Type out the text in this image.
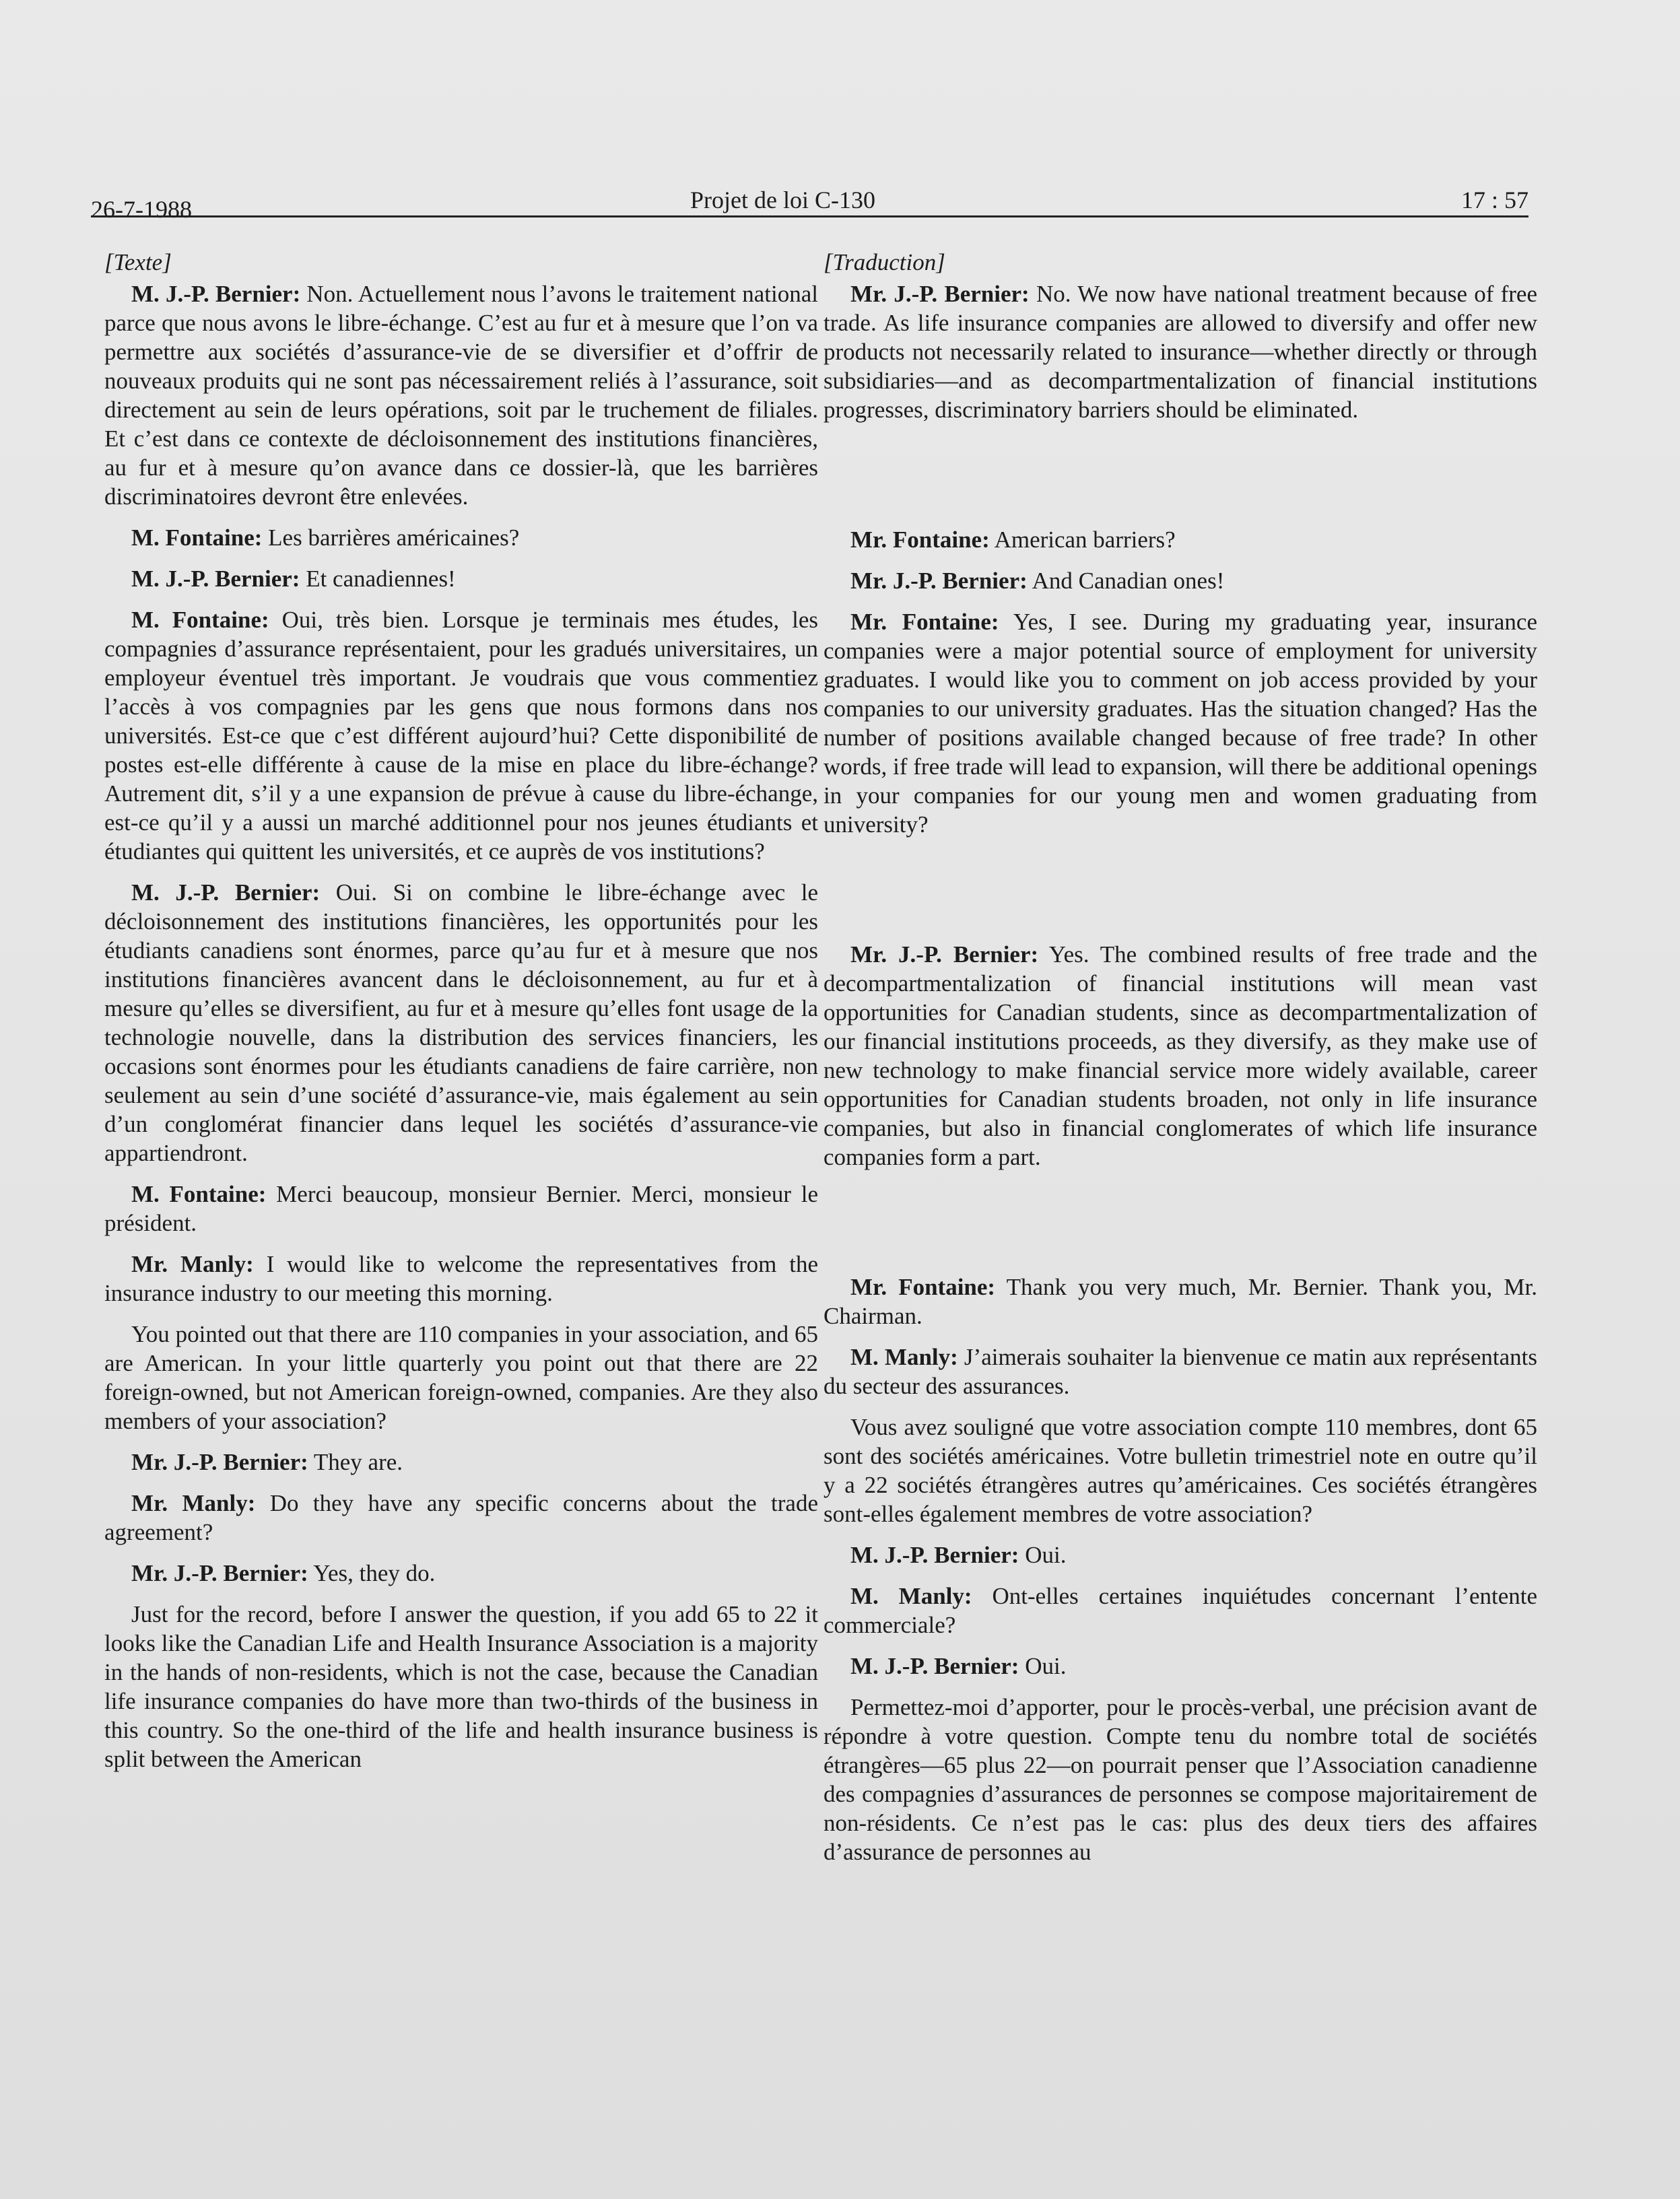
26-7-1988	Projet de loi C-130	17 : 57

[Texte]

M. J.-P. Bernier: Non. Actuellement nous l’avons le traitement national parce que nous avons le libre-échange. C’est au fur et à mesure que l’on va permettre aux sociétés d’assurance-vie de se diversifier et d’offrir de nouveaux produits qui ne sont pas nécessairement reliés à l’assurance, soit directement au sein de leurs opérations, soit par le truchement de filiales. Et c’est dans ce contexte de décloisonnement des institutions financières, au fur et à mesure qu’on avance dans ce dossier-là, que les barrières discriminatoires devront être enlevées.

M. Fontaine: Les barrières américaines?

M. J.-P. Bernier: Et canadiennes!

M. Fontaine: Oui, très bien. Lorsque je terminais mes études, les compagnies d’assurance représentaient, pour les gradués universitaires, un employeur éventuel très important. Je voudrais que vous commentiez l’accès à vos compagnies par les gens que nous formons dans nos universités. Est-ce que c’est différent aujourd’hui? Cette disponibilité de postes est-elle différente à cause de la mise en place du libre-échange? Autrement dit, s’il y a une expansion de prévue à cause du libre-échange, est-ce qu’il y a aussi un marché additionnel pour nos jeunes étudiants et étudiantes qui quittent les universités, et ce auprès de vos institutions?

M. J.-P. Bernier: Oui. Si on combine le libre-échange avec le décloisonnement des institutions financières, les opportunités pour les étudiants canadiens sont énormes, parce qu’au fur et à mesure que nos institutions financières avancent dans le décloisonnement, au fur et à mesure qu’elles se diversifient, au fur et à mesure qu’elles font usage de la technologie nouvelle, dans la distribution des services financiers, les occasions sont énormes pour les étudiants canadiens de faire carrière, non seulement au sein d’une société d’assurance-vie, mais également au sein d’un conglomérat financier dans lequel les sociétés d’assurance-vie appartiendront.

M. Fontaine: Merci beaucoup, monsieur Bernier. Merci, monsieur le président.

Mr. Manly: I would like to welcome the representatives from the insurance industry to our meeting this morning.

You pointed out that there are 110 companies in your association, and 65 are American. In your little quarterly you point out that there are 22 foreign-owned, but not American foreign-owned, companies. Are they also members of your association?

Mr. J.-P. Bernier: They are.

Mr. Manly: Do they have any specific concerns about the trade agreement?

Mr. J.-P. Bernier: Yes, they do.

Just for the record, before I answer the question, if you add 65 to 22 it looks like the Canadian Life and Health Insurance Association is a majority in the hands of non-residents, which is not the case, because the Canadian life insurance companies do have more than two-thirds of the business in this country. So the one-third of the life and health insurance business is split between the American

[Traduction]

Mr. J.-P. Bernier: No. We now have national treatment because of free trade. As life insurance companies are allowed to diversify and offer new products not necessarily related to insurance—whether directly or through subsidiaries—and as decompartmentalization of financial institutions progresses, discriminatory barriers should be eliminated.

Mr. Fontaine: American barriers?

Mr. J.-P. Bernier: And Canadian ones!

Mr. Fontaine: Yes, I see. During my graduating year, insurance companies were a major potential source of employment for university graduates. I would like you to comment on job access provided by your companies to our university graduates. Has the situation changed? Has the number of positions available changed because of free trade? In other words, if free trade will lead to expansion, will there be additional openings in your companies for our young men and women graduating from university?

Mr. J.-P. Bernier: Yes. The combined results of free trade and the decompartmentalization of financial institutions will mean vast opportunities for Canadian students, since as decompartmentalization of our financial institutions proceeds, as they diversify, as they make use of new technology to make financial service more widely available, career opportunities for Canadian students broaden, not only in life insurance companies, but also in financial conglomerates of which life insurance companies form a part.

Mr. Fontaine: Thank you very much, Mr. Bernier. Thank you, Mr. Chairman.

M. Manly: J’aimerais souhaiter la bienvenue ce matin aux représentants du secteur des assurances.

Vous avez souligné que votre association compte 110 membres, dont 65 sont des sociétés américaines. Votre bulletin trimestriel note en outre qu’il y a 22 sociétés étrangères autres qu’américaines. Ces sociétés étrangères sont-elles également membres de votre association?

M. J.-P. Bernier: Oui.

M. Manly: Ont-elles certaines inquiétudes concernant l’entente commerciale?

M. J.-P. Bernier: Oui.

Permettez-moi d’apporter, pour le procès-verbal, une précision avant de répondre à votre question. Compte tenu du nombre total de sociétés étrangères—65 plus 22—on pourrait penser que l’Association canadienne des compagnies d’assurances de personnes se compose majoritairement de non-résidents. Ce n’est pas le cas: plus des deux tiers des affaires d’assurance de personnes au
